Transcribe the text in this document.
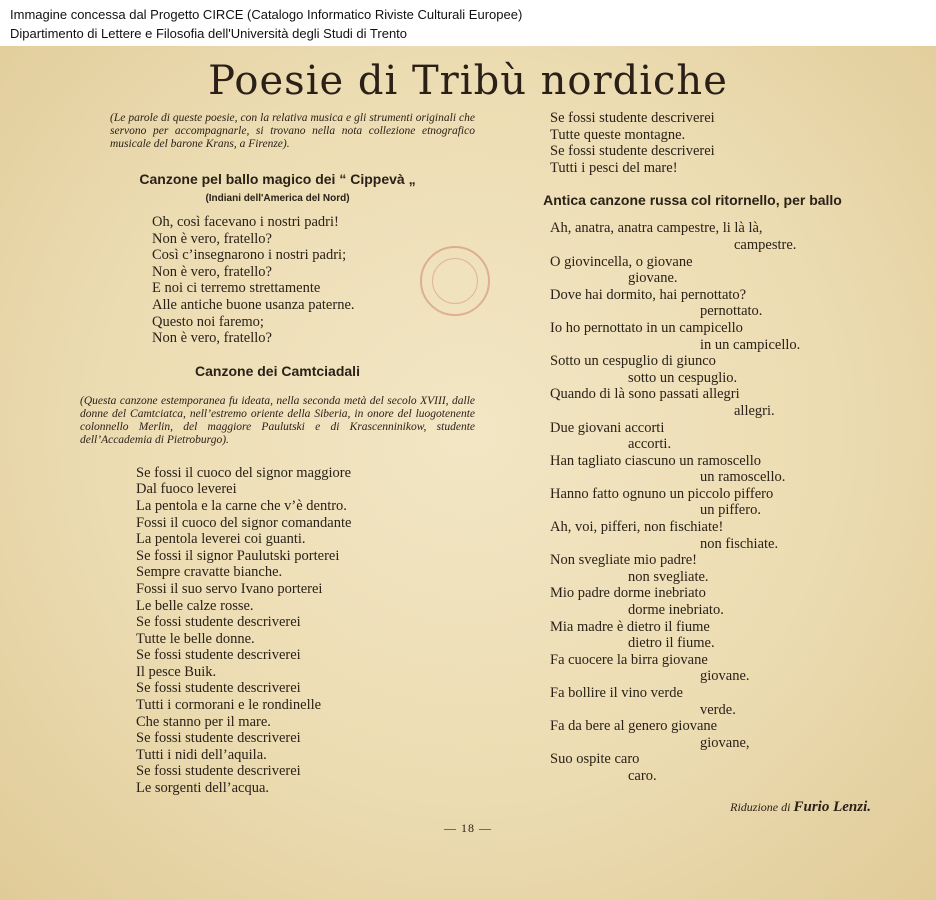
Immagine concessa dal Progetto CIRCE (Catalogo Informatico Riviste Culturali Europee)
Dipartimento di Lettere e Filosofia dell'Università degli Studi di Trento
Poesie di Tribù nordiche
(Le parole di queste poesie, con la relativa musica e gli strumenti originali che servono per accompagnarle, si trovano nella nota collezione etnografico musicale del barone Krans, a Firenze).
Canzone pel ballo magico dei “ Cippevà „
(Indiani dell'America del Nord)
Oh, così facevano i nostri padri!
Non è vero, fratello?
Così c’insegnarono i nostri padri;
Non è vero, fratello?
E noi ci terremo strettamente
Alle antiche buone usanza paterne.
Questo noi faremo;
Non è vero, fratello?
Canzone dei Camtciadali
(Questa canzone estemporanea fu ideata, nella seconda metà del secolo XVIII, dalle donne del Camtciatca, nell’estremo oriente della Siberia, in onore del luogotenente colonnello Merlin, del maggiore Paulutski e di Krascenninikow, studente dell’Accademia di Pietroburgo).
Se fossi il cuoco del signor maggiore
Dal fuoco leverei
La pentola e la carne che v’è dentro.
Fossi il cuoco del signor comandante
La pentola leverei coi guanti.
Se fossi il signor Paulutski porterei
Sempre cravatte bianche.
Fossi il suo servo Ivano porterei
Le belle calze rosse.
Se fossi studente descriverei
Tutte le belle donne.
Se fossi studente descriverei
Il pesce Buik.
Se fossi studente descriverei
Tutti i cormorani e le rondinelle
Che stanno per il mare.
Se fossi studente descriverei
Tutti i nidi dell’aquila.
Se fossi studente descriverei
Le sorgenti dell’acqua.
Se fossi studente descriverei
Tutte queste montagne.
Se fossi studente descriverei
Tutti i pesci del mare!
Antica canzone russa col ritornello, per ballo
Ah, anatra, anatra campestre, li là là,
campestre.
O giovincella, o giovane
giovane.
Dove hai dormito, hai pernottato?
pernottato.
Io ho pernottato in un campicello
in un campicello.
Sotto un cespuglio di giunco
sotto un cespuglio.
Quando di là sono passati allegri
allegri.
Due giovani accorti
accorti.
Han tagliato ciascuno un ramoscello
un ramoscello.
Hanno fatto ognuno un piccolo piffero
un piffero.
Ah, voi, pifferi, non fischiate!
non fischiate.
Non svegliate mio padre!
non svegliate.
Mio padre dorme inebriato
dorme inebriato.
Mia madre è dietro il fiume
dietro il fiume.
Fa cuocere la birra giovane
giovane.
Fa bollire il vino verde
verde.
Fa da bere al genero giovane
giovane,
Suo ospite caro
caro.
Riduzione di Furio Lenzi.
— 18 —
